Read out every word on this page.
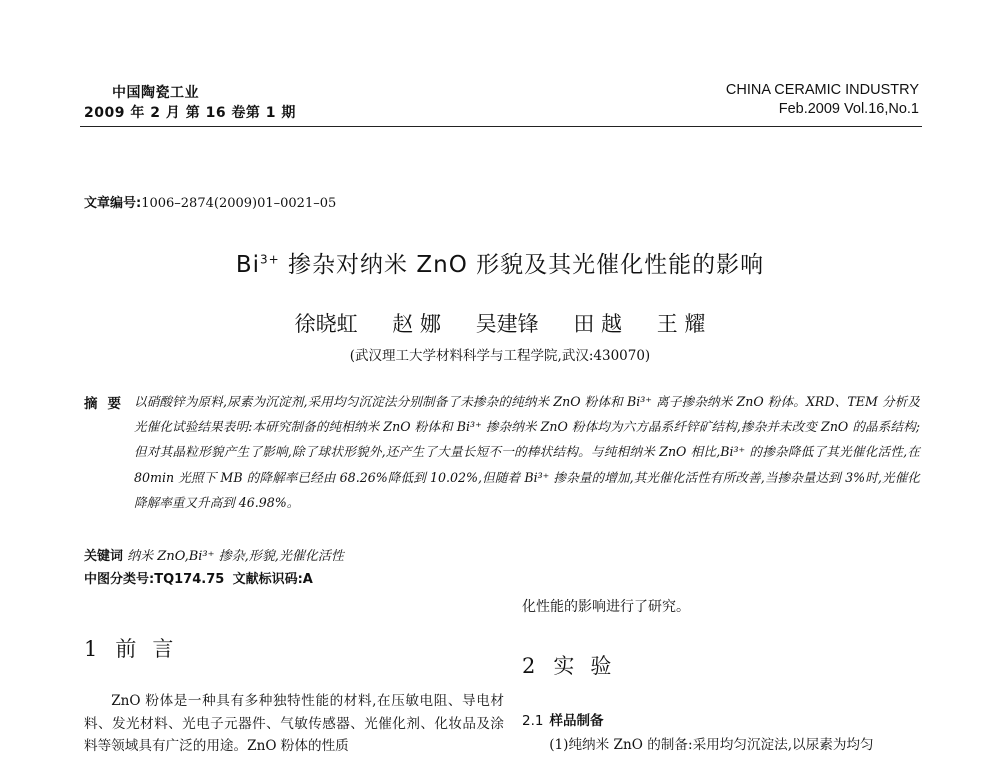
中国陶瓷工业
2009 年 2 月 第 16 卷第 1 期
CHINA CERAMIC INDUSTRY
Feb.2009 Vol.16,No.1
文章编号:1006–2874(2009)01–0021–05
$Bi^{3+}$ 掺杂对纳米 ZnO 形貌及其光催化性能的影响
徐晓虹 赵 娜 吴建锋 田 越 王 耀
(武汉理工大学材料科学与工程学院,武汉:430070)
摘要 以硝酸锌为原料,尿素为沉淀剂,采用均匀沉淀法分别制备了未掺杂的纯纳米 ZnO 粉体和 Bi³⁺ 离子掺杂纳米 ZnO 粉体。XRD、TEM 分析及光催化试验结果表明:本研究制备的纯相纳米 ZnO 粉体和 Bi³⁺ 掺杂纳米 ZnO 粉体均为六方晶系纤锌矿结构,掺杂并未改变 ZnO 的晶系结构;但对其晶粒形貌产生了影响,除了球状形貌外,还产生了大量长短不一的棒状结构。与纯相纳米 ZnO 相比,Bi³⁺ 的掺杂降低了其光催化活性,在 80min 光照下 MB 的降解率已经由 68.26%降低到 10.02%,但随着 Bi³⁺ 掺杂量的增加,其光催化活性有所改善,当掺杂量达到 3%时,光催化降解率重又升高到 46.98%。
关键词 纳米 ZnO,Bi³⁺ 掺杂,形貌,光催化活性
中图分类号:TQ174.75 文献标识码:A
化性能的影响进行了研究。
1 前言

ZnO 粉体是一种具有多种独特性能的材料,在压敏电阻、导电材料、发光材料、光电子元器件、气敏传感器、光催化剂、化妆品及涂料等领域具有广泛的用途。ZnO 粉体的性质

2 实验
2.1 样品制备
(1)纯纳米 ZnO 的制备:采用均匀沉淀法,以尿素为均匀
